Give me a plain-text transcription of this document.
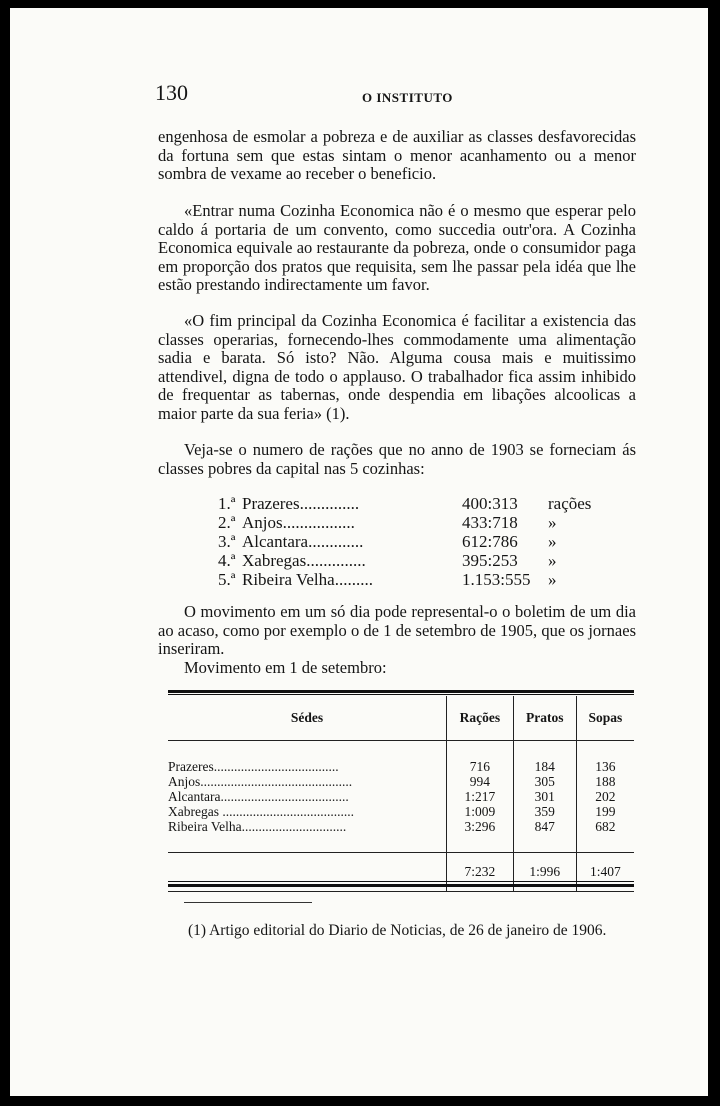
130	O INSTITUTO

engenhosa de esmolar a pobreza e de auxiliar as classes desfavorecidas da fortuna sem que estas sintam o menor acanhamento ou a menor sombra de vexame ao receber o beneficio.

«Entrar numa Cozinha Economica não é o mesmo que esperar pelo caldo á portaria de um convento, como succedia outr'ora. A Cozinha Economica equivale ao restaurante da pobreza, onde o consumidor paga em proporção dos pratos que requisita, sem lhe passar pela idéa que lhe estão prestando indirectamente um favor.

«O fim principal da Cozinha Economica é facilitar a existencia das classes operarias, fornecendo-lhes commodamente uma alimentação sadia e barata. Só isto? Não. Alguma cousa mais e muitissimo attendivel, digna de todo o applauso. O trabalhador fica assim inhibido de frequentar as tabernas, onde despendia em libações alcoolicas a maior parte da sua feria» (1).

Veja-se o numero de rações que no anno de 1903 se forneciam ás classes pobres da capital nas 5 cozinhas:

1.ª Prazeres..............	400:313	rações
2.ª Anjos.................	433:718	»
3.ª Alcantara.............	612:786	»
4.ª Xabregas..............	395:253	»
5.ª Ribeira Velha.........	1.153:555	»

O movimento em um só dia pode represental-o o boletim de um dia ao acaso, como por exemplo o de 1 de setembro de 1905, que os jornaes inseriram.

Movimento em 1 de setembro:

Sédes	Rações	Pratos	Sopas

Prazeres.....................................	716	184	136
Anjos.............................................	994	305	188
Alcantara......................................	1:217	301	202
Xabregas .......................................	1:009	359	199
Ribeira Velha...............................	3:296	847	682

	7:232	1:996	1:407
(1) Artigo editorial do Diario de Noticias, de 26 de janeiro de 1906.
